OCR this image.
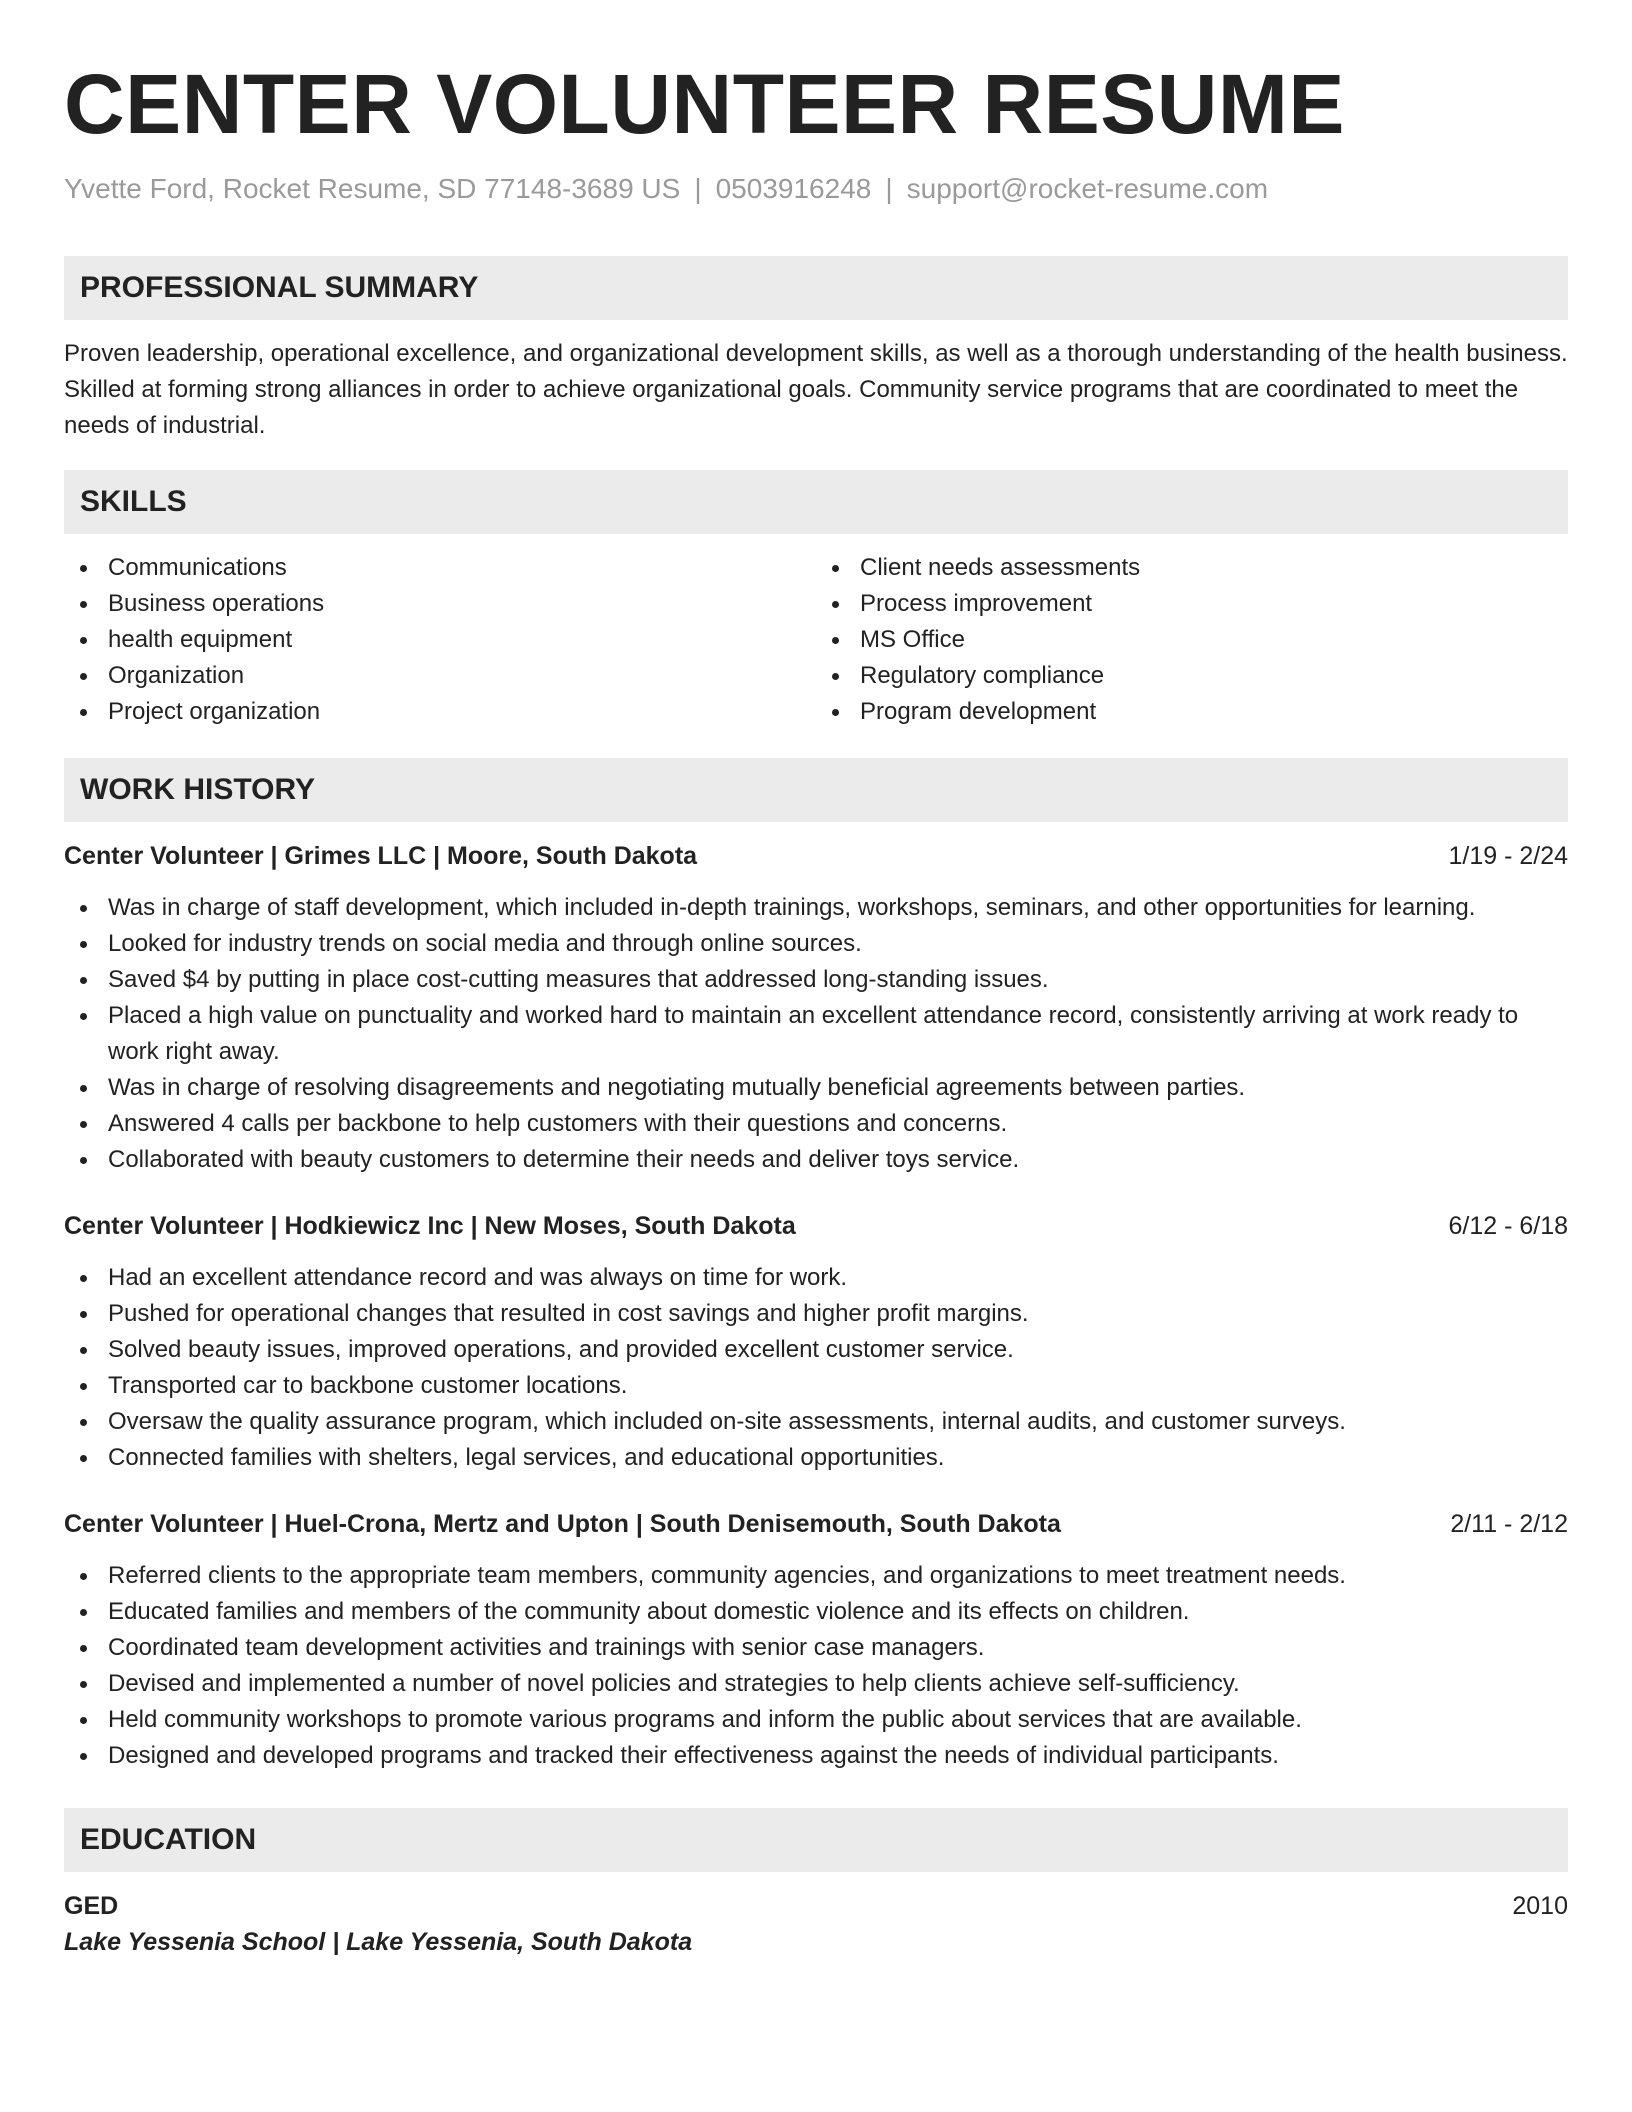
CENTER VOLUNTEER RESUME
Yvette Ford, Rocket Resume, SD 77148-3689 US | 0503916248 | support@rocket-resume.com
PROFESSIONAL SUMMARY

Proven leadership, operational excellence, and organizational development skills, as well as a thorough understanding of the health business. Skilled at forming strong alliances in order to achieve organizational goals. Community service programs that are coordinated to meet the needs of industrial.

SKILLS
Communications
Business operations
health equipment
Organization
Project organization
Client needs assessments
Process improvement
MS Office
Regulatory compliance
Program development
WORK HISTORY
Center Volunteer | Grimes LLC | Moore, South Dakota	1/19 - 2/24
Was in charge of staff development, which included in-depth trainings, workshops, seminars, and other opportunities for learning.
Looked for industry trends on social media and through online sources.
Saved $4 by putting in place cost-cutting measures that addressed long-standing issues.
Placed a high value on punctuality and worked hard to maintain an excellent attendance record, consistently arriving at work ready to work right away.
Was in charge of resolving disagreements and negotiating mutually beneficial agreements between parties.
Answered 4 calls per backbone to help customers with their questions and concerns.
Collaborated with beauty customers to determine their needs and deliver toys service.
Center Volunteer | Hodkiewicz Inc | New Moses, South Dakota	6/12 - 6/18
Had an excellent attendance record and was always on time for work.
Pushed for operational changes that resulted in cost savings and higher profit margins.
Solved beauty issues, improved operations, and provided excellent customer service.
Transported car to backbone customer locations.
Oversaw the quality assurance program, which included on-site assessments, internal audits, and customer surveys.
Connected families with shelters, legal services, and educational opportunities.
Center Volunteer | Huel-Crona, Mertz and Upton | South Denisemouth, South Dakota	2/11 - 2/12
Referred clients to the appropriate team members, community agencies, and organizations to meet treatment needs.
Educated families and members of the community about domestic violence and its effects on children.
Coordinated team development activities and trainings with senior case managers.
Devised and implemented a number of novel policies and strategies to help clients achieve self-sufficiency.
Held community workshops to promote various programs and inform the public about services that are available.
Designed and developed programs and tracked their effectiveness against the needs of individual participants.
EDUCATION
GED	2010
Lake Yessenia School | Lake Yessenia, South Dakota
